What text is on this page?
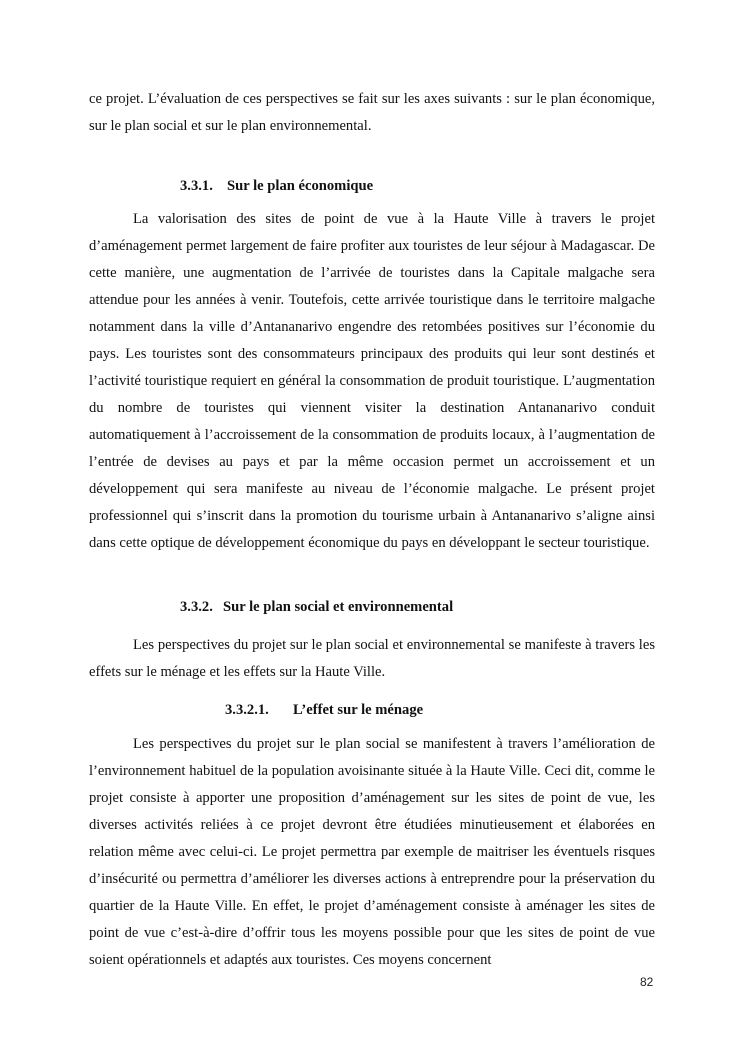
ce projet. L’évaluation de ces perspectives se fait sur les axes suivants : sur le plan économique, sur le plan social et sur le plan environnemental.

3.3.1. Sur le plan économique

La valorisation des sites de point de vue à la Haute Ville à travers le projet d’aménagement permet largement de faire profiter aux touristes de leur séjour à Madagascar. De cette manière, une augmentation de l’arrivée de touristes dans la Capitale malgache sera attendue pour les années à venir. Toutefois, cette arrivée touristique dans le territoire malgache notamment dans la ville d’Antananarivo engendre des retombées positives sur l’économie du pays. Les touristes sont des consommateurs principaux des produits qui leur sont destinés et l’activité touristique requiert en général la consommation de produit touristique. L’augmentation du nombre de touristes qui viennent visiter la destination Antananarivo conduit automatiquement à l’accroissement de la consommation de produits locaux, à l’augmentation de l’entrée de devises au pays et par la même occasion permet un accroissement et un développement qui sera manifeste au niveau de l’économie malgache. Le présent projet professionnel qui s’inscrit dans la promotion du tourisme urbain à Antananarivo s’aligne ainsi dans cette optique de développement économique du pays en développant le secteur touristique.

3.3.2. Sur le plan social et environnemental

Les perspectives du projet sur le plan social et environnemental se manifeste à travers les effets sur le ménage et les effets sur la Haute Ville.

3.3.2.1. L’effet sur le ménage

Les perspectives du projet sur le plan social se manifestent à travers l’amélioration de l’environnement habituel de la population avoisinante située à la Haute Ville. Ceci dit, comme le projet consiste à apporter une proposition d’aménagement sur les sites de point de vue, les diverses activités reliées à ce projet devront être étudiées minutieusement et élaborées en relation même avec celui-ci. Le projet permettra par exemple de maitriser les éventuels risques d’insécurité ou permettra d’améliorer les diverses actions à entreprendre pour la préservation du quartier de la Haute Ville. En effet, le projet d’aménagement consiste à aménager les sites de point de vue c’est-à-dire d’offrir tous les moyens possible pour que les sites de point de vue soient opérationnels et adaptés aux touristes. Ces moyens concernent

82
